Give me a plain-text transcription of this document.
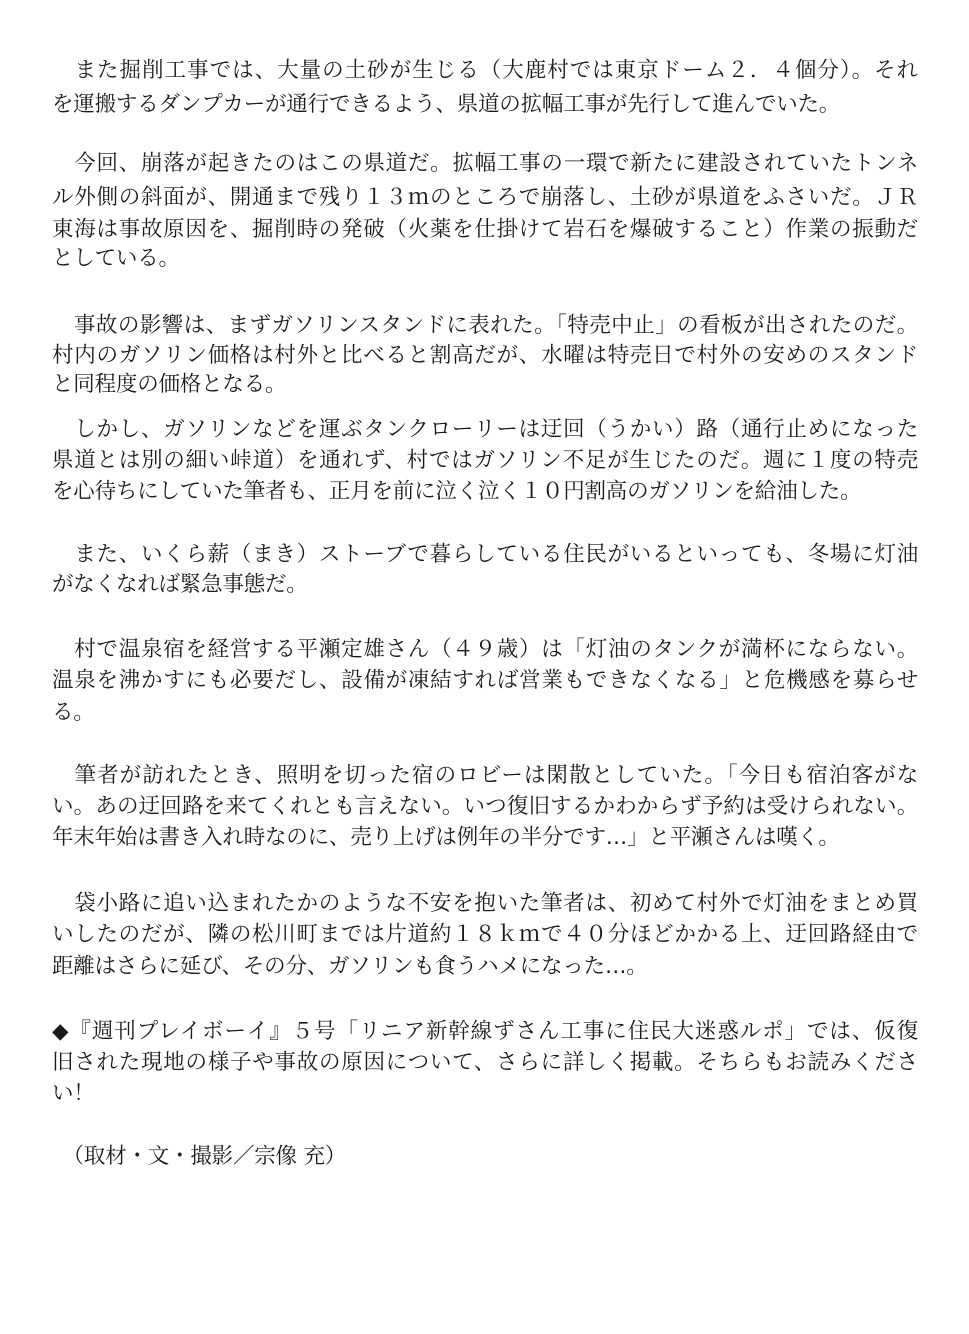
　また掘削工事では、大量の土砂が生じる（大鹿村では東京ドーム２．４個分）。それ
を運搬するダンプカーが通行できるよう、県道の拡幅工事が先行して進んでいた。
　今回、崩落が起きたのはこの県道だ。拡幅工事の一環で新たに建設されていたトンネ
ル外側の斜面が、開通まで残り１３ｍのところで崩落し、土砂が県道をふさいだ。ＪＲ
東海は事故原因を、掘削時の発破（火薬を仕掛けて岩石を爆破すること）作業の振動だ
としている。
　事故の影響は、まずガソリンスタンドに表れた。「特売中止」の看板が出されたのだ。
村内のガソリン価格は村外と比べると割高だが、水曜は特売日で村外の安めのスタンド
と同程度の価格となる。
　しかし、ガソリンなどを運ぶタンクローリーは迂回（うかい）路（通行止めになった
県道とは別の細い峠道）を通れず、村ではガソリン不足が生じたのだ。週に１度の特売
を心待ちにしていた筆者も、正月を前に泣く泣く１０円割高のガソリンを給油した。
　また、いくら薪（まき）ストーブで暮らしている住民がいるといっても、冬場に灯油
がなくなれば緊急事態だ。
　村で温泉宿を経営する平瀬定雄さん（４９歳）は「灯油のタンクが満杯にならない。
温泉を沸かすにも必要だし、設備が凍結すれば営業もできなくなる」と危機感を募らせ
る。
　筆者が訪れたとき、照明を切った宿のロビーは閑散としていた。「今日も宿泊客がな
い。あの迂回路を来てくれとも言えない。いつ復旧するかわからず予約は受けられない。
年末年始は書き入れ時なのに、売り上げは例年の半分です…」と平瀬さんは嘆く。
　袋小路に追い込まれたかのような不安を抱いた筆者は、初めて村外で灯油をまとめ買
いしたのだが、隣の松川町までは片道約１８ｋｍで４０分ほどかかる上、迂回路経由で
距離はさらに延び、その分、ガソリンも食うハメになった…。
◆『週刊プレイボーイ』５号「リニア新幹線ずさん工事に住民大迷惑ルポ」では、仮復
旧された現地の様子や事故の原因について、さらに詳しく掲載。そちらもお読みくださ
い！
　（取材・文・撮影／宗像 充）
